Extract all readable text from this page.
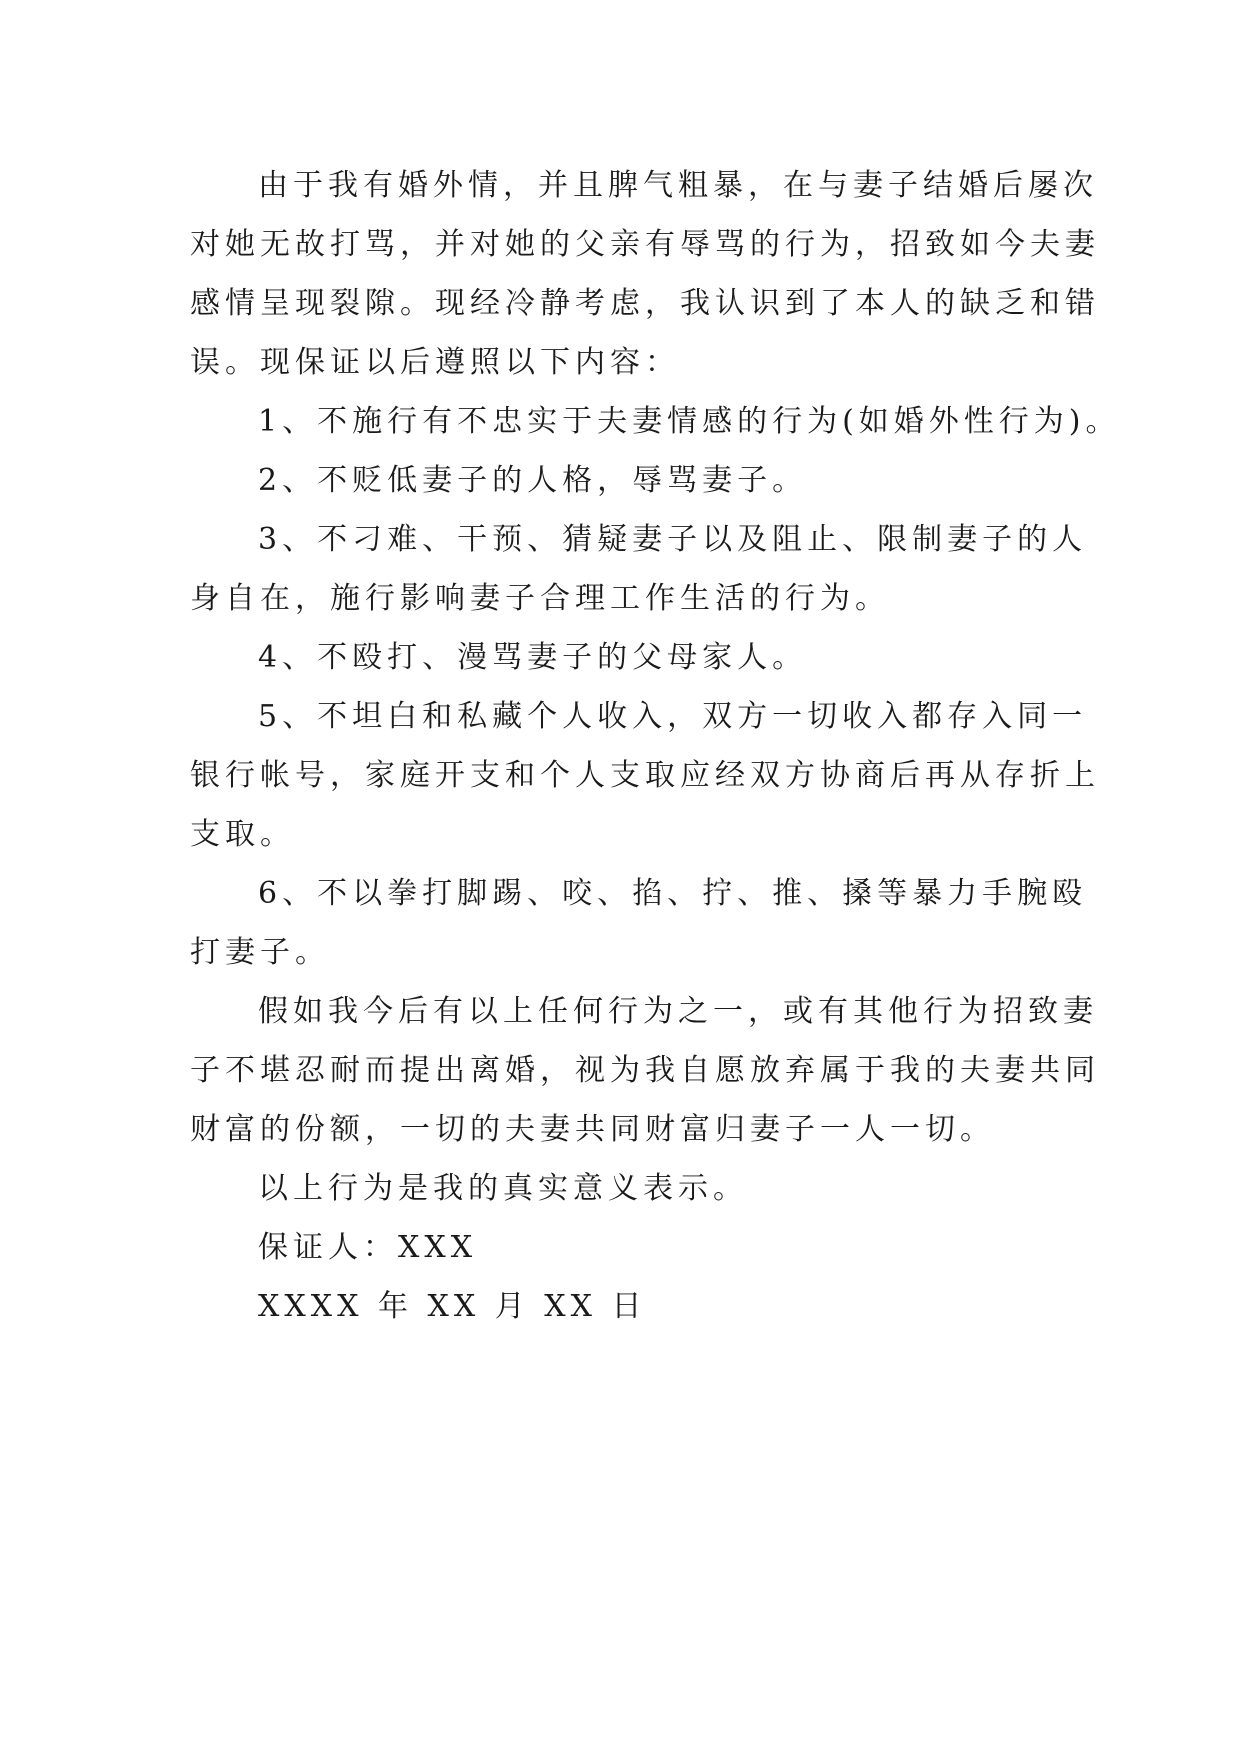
由于我有婚外情，并且脾气粗暴，在与妻子结婚后屡次
对她无故打骂，并对她的父亲有辱骂的行为，招致如今夫妻
感情呈现裂隙。现经冷静考虑，我认识到了本人的缺乏和错
误。现保证以后遵照以下内容：

1、不施行有不忠实于夫妻情感的行为(如婚外性行为)。

2、不贬低妻子的人格，辱骂妻子。

3、不刁难、干预、猜疑妻子以及阻止、限制妻子的人
身自在，施行影响妻子合理工作生活的行为。

4、不殴打、漫骂妻子的父母家人。

5、不坦白和私藏个人收入，双方一切收入都存入同一
银行帐号，家庭开支和个人支取应经双方协商后再从存折上
支取。

6、不以拳打脚踢、咬、掐、拧、推、搡等暴力手腕殴
打妻子。

假如我今后有以上任何行为之一，或有其他行为招致妻
子不堪忍耐而提出离婚，视为我自愿放弃属于我的夫妻共同
财富的份额，一切的夫妻共同财富归妻子一人一切。

以上行为是我的真实意义表示。

保证人：XXX

XXXX 年 XX 月 XX 日
